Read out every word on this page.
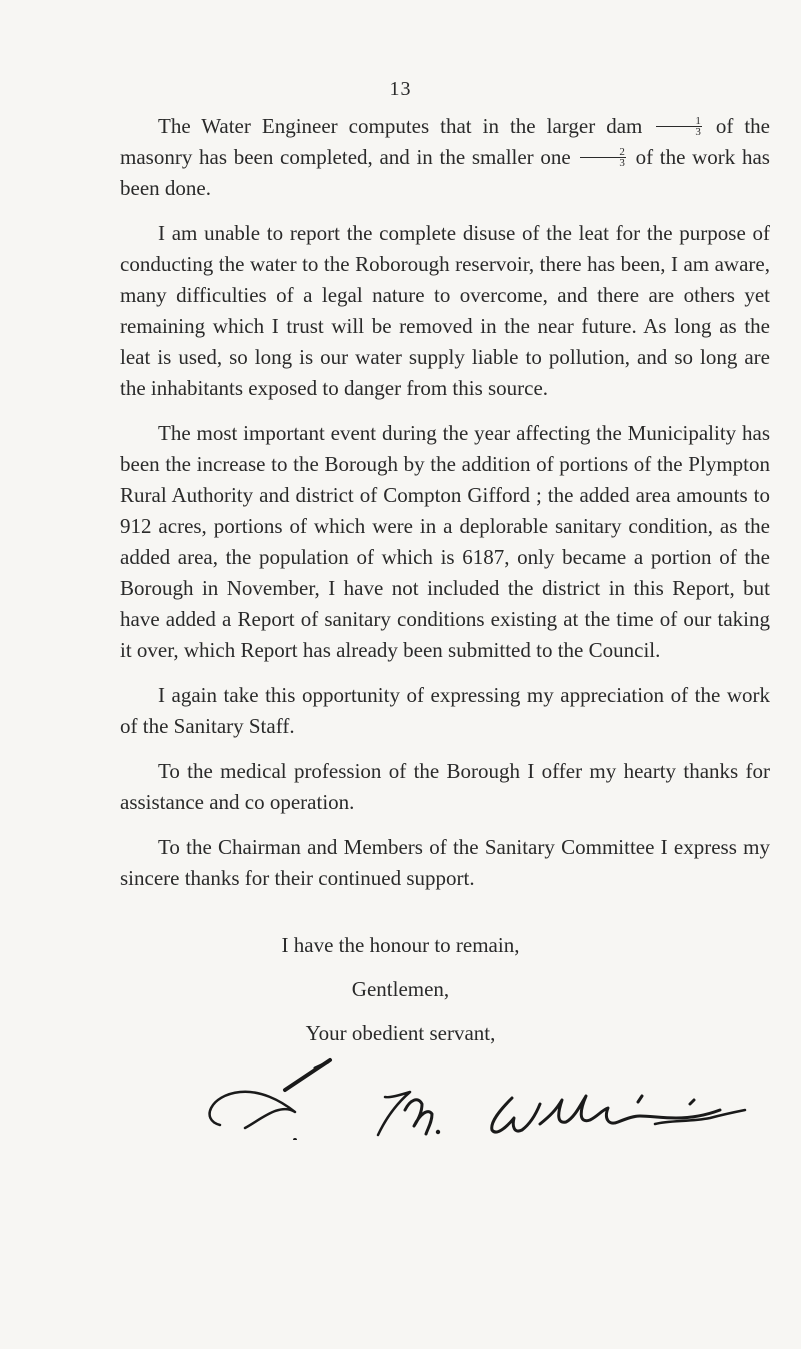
13

The Water Engineer computes that in the larger dam $\frac{1}{3}$ of the masonry has been completed, and in the smaller one $\frac{2}{3}$ of the work has been done.

I am unable to report the complete disuse of the leat for the purpose of conducting the water to the Roborough reservoir, there has been, I am aware, many difficulties of a legal nature to overcome, and there are others yet remaining which I trust will be removed in the near future. As long as the leat is used, so long is our water supply liable to pollution, and so long are the inhabitants exposed to danger from this source.

The most important event during the year affecting the Municipality has been the increase to the Borough by the addition of portions of the Plympton Rural Authority and district of Compton Gifford ; the added area amounts to 912 acres, portions of which were in a deplorable sanitary condition, as the added area, the population of which is 6187, only became a portion of the Borough in November, I have not included the district in this Report, but have added a Report of sanitary conditions existing at the time of our taking it over, which Report has already been submitted to the Council.

I again take this opportunity of expressing my appreciation of the work of the Sanitary Staff.

To the medical profession of the Borough I offer my hearty thanks for assistance and co operation.

To the Chairman and Members of the Sanitary Committee I express my sincere thanks for their continued support.

I have the honour to remain,
Gentlemen,
Your obedient servant,
